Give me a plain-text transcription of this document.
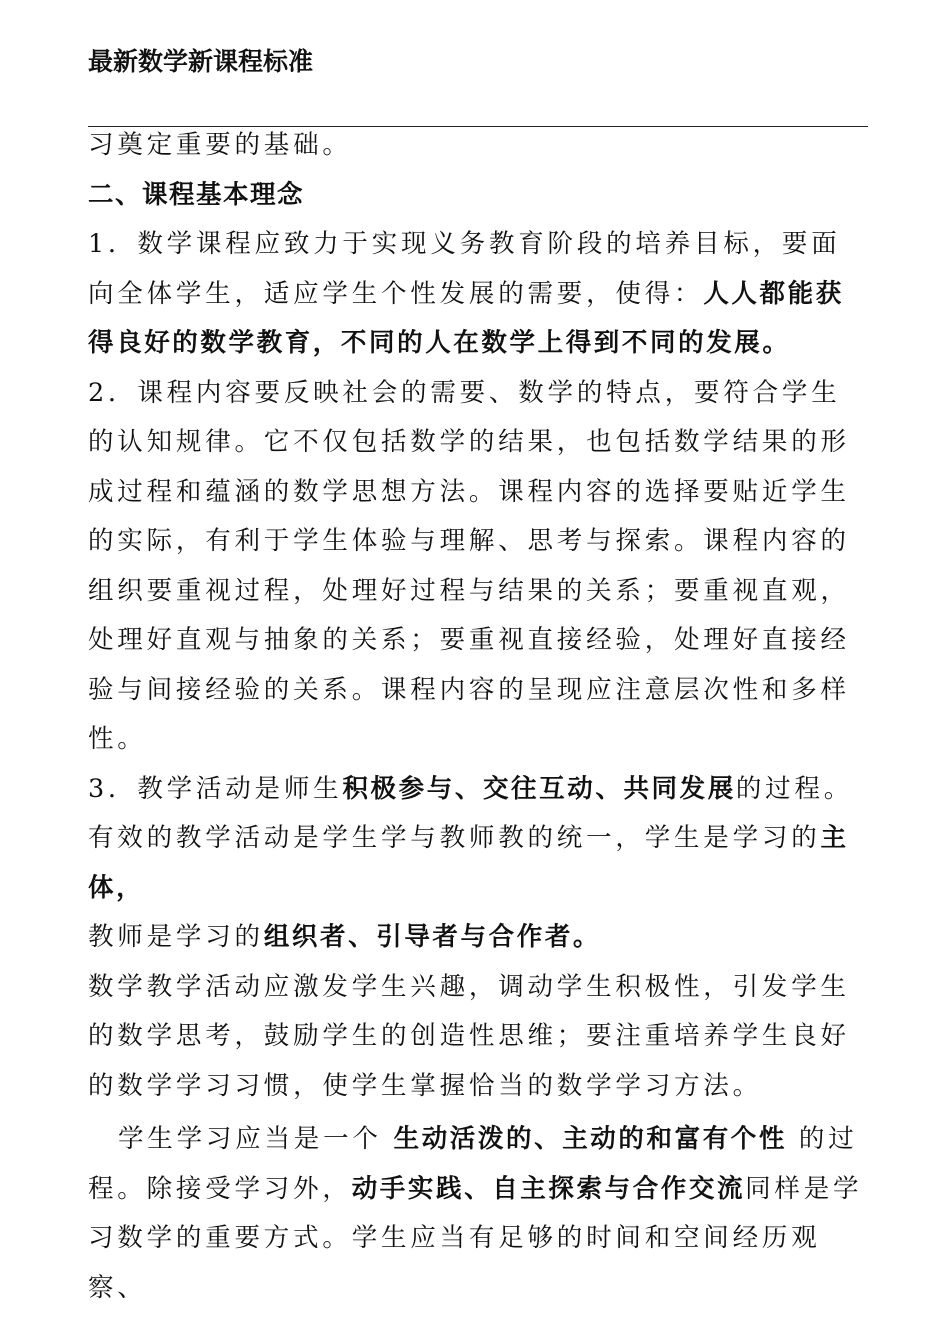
最新数学新课程标准

习奠定重要的基础。

二、课程基本理念

1．数学课程应致力于实现义务教育阶段的培养目标，要面向全体学生，适应学生个性发展的需要，使得：人人都能获得良好的数学教育，不同的人在数学上得到不同的发展。

2．课程内容要反映社会的需要、数学的特点，要符合学生的认知规律。它不仅包括数学的结果，也包括数学结果的形成过程和蕴涵的数学思想方法。课程内容的选择要贴近学生的实际，有利于学生体验与理解、思考与探索。课程内容的组织要重视过程，处理好过程与结果的关系；要重视直观，处理好直观与抽象的关系；要重视直接经验，处理好直接经验与间接经验的关系。课程内容的呈现应注意层次性和多样性。

3．教学活动是师生积极参与、交往互动、共同发展的过程。有效的教学活动是学生学与教师教的统一，学生是学习的主体，
教师是学习的组织者、引导者与合作者。

数学教学活动应激发学生兴趣，调动学生积极性，引发学生的数学思考，鼓励学生的创造性思维；要注重培养学生良好的数学学习习惯，使学生掌握恰当的数学学习方法。

学生学习应当是一个 生动活泼的、主动的和富有个性 的过程。除接受学习外，动手实践、自主探索与合作交流同样是学习数学的重要方式。学生应当有足够的时间和空间经历观察、
